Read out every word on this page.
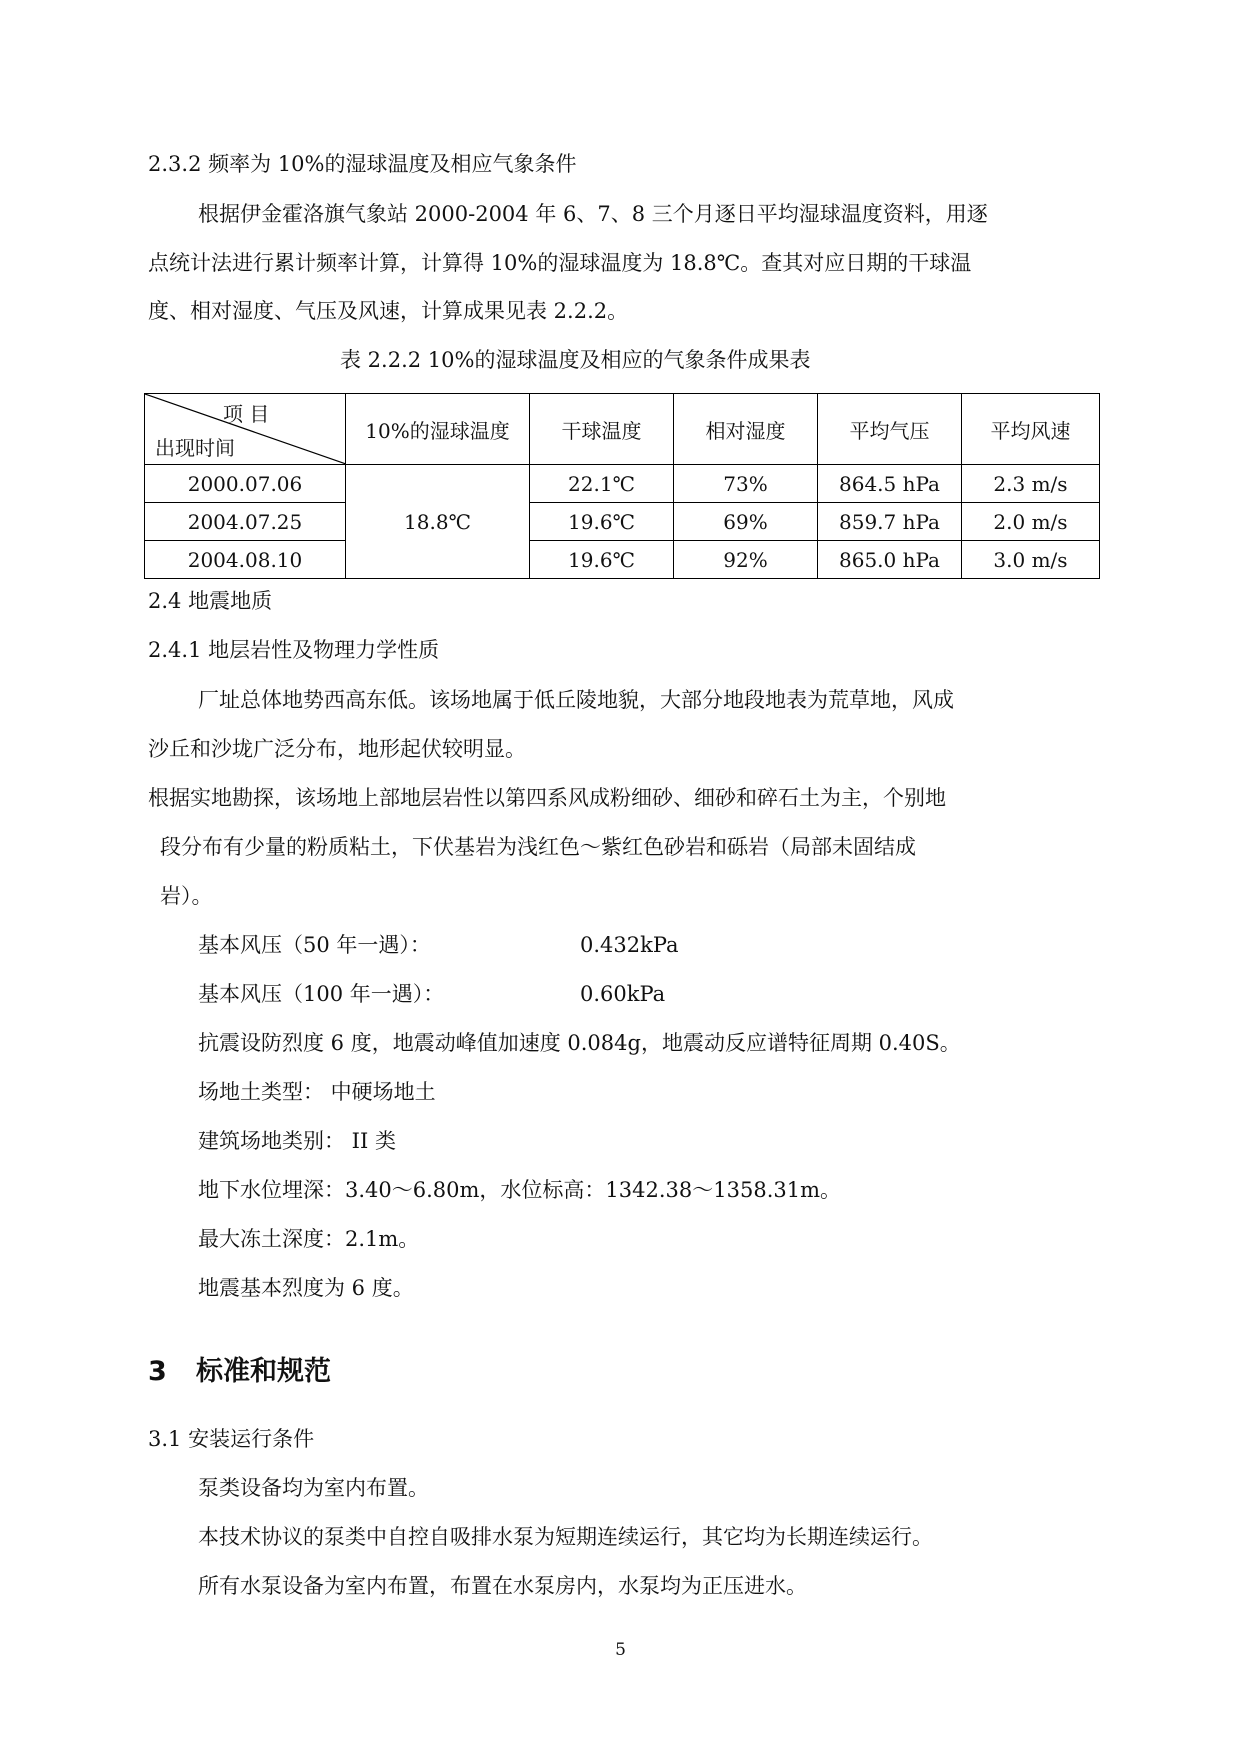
2.3.2 频率为 10%的湿球温度及相应气象条件
根据伊金霍洛旗气象站 2000-2004 年 6、7、8 三个月逐日平均湿球温度资料，用逐
点统计法进行累计频率计算，计算得 10%的湿球温度为 18.8℃。查其对应日期的干球温
度、相对湿度、气压及风速，计算成果见表 2.2.2。
表 2.2.2 10%的湿球温度及相应的气象条件成果表
项 目
出现时间	10%的湿球温度	干球温度	相对湿度	平均气压	平均风速
2000.07.06	18.8℃	22.1℃	73%	864.5 hPa	2.3 m/s
2004.07.25		19.6℃	69%	859.7 hPa	2.0 m/s
2004.08.10		19.6℃	92%	865.0 hPa	3.0 m/s
2.4 地震地质
2.4.1 地层岩性及物理力学性质
厂址总体地势西高东低。该场地属于低丘陵地貌，大部分地段地表为荒草地，风成
沙丘和沙垅广泛分布，地形起伏较明显。
根据实地勘探，该场地上部地层岩性以第四系风成粉细砂、细砂和碎石土为主，个别地
段分布有少量的粉质粘土，下伏基岩为浅红色～紫红色砂岩和砾岩（局部未固结成
岩）。
基本风压（50 年一遇）：	0.432kPa
基本风压（100 年一遇）：	0.60kPa
抗震设防烈度 6 度，地震动峰值加速度 0.084g，地震动反应谱特征周期 0.40S。
场地土类型： 中硬场地土
建筑场地类别： II 类
地下水位埋深：3.40～6.80m，水位标高：1342.38～1358.31m。
最大冻土深度：2.1m。
地震基本烈度为 6 度。
3 标准和规范
3.1 安装运行条件
泵类设备均为室内布置。
本技术协议的泵类中自控自吸排水泵为短期连续运行，其它均为长期连续运行。
所有水泵设备为室内布置，布置在水泵房内，水泵均为正压进水。
5
